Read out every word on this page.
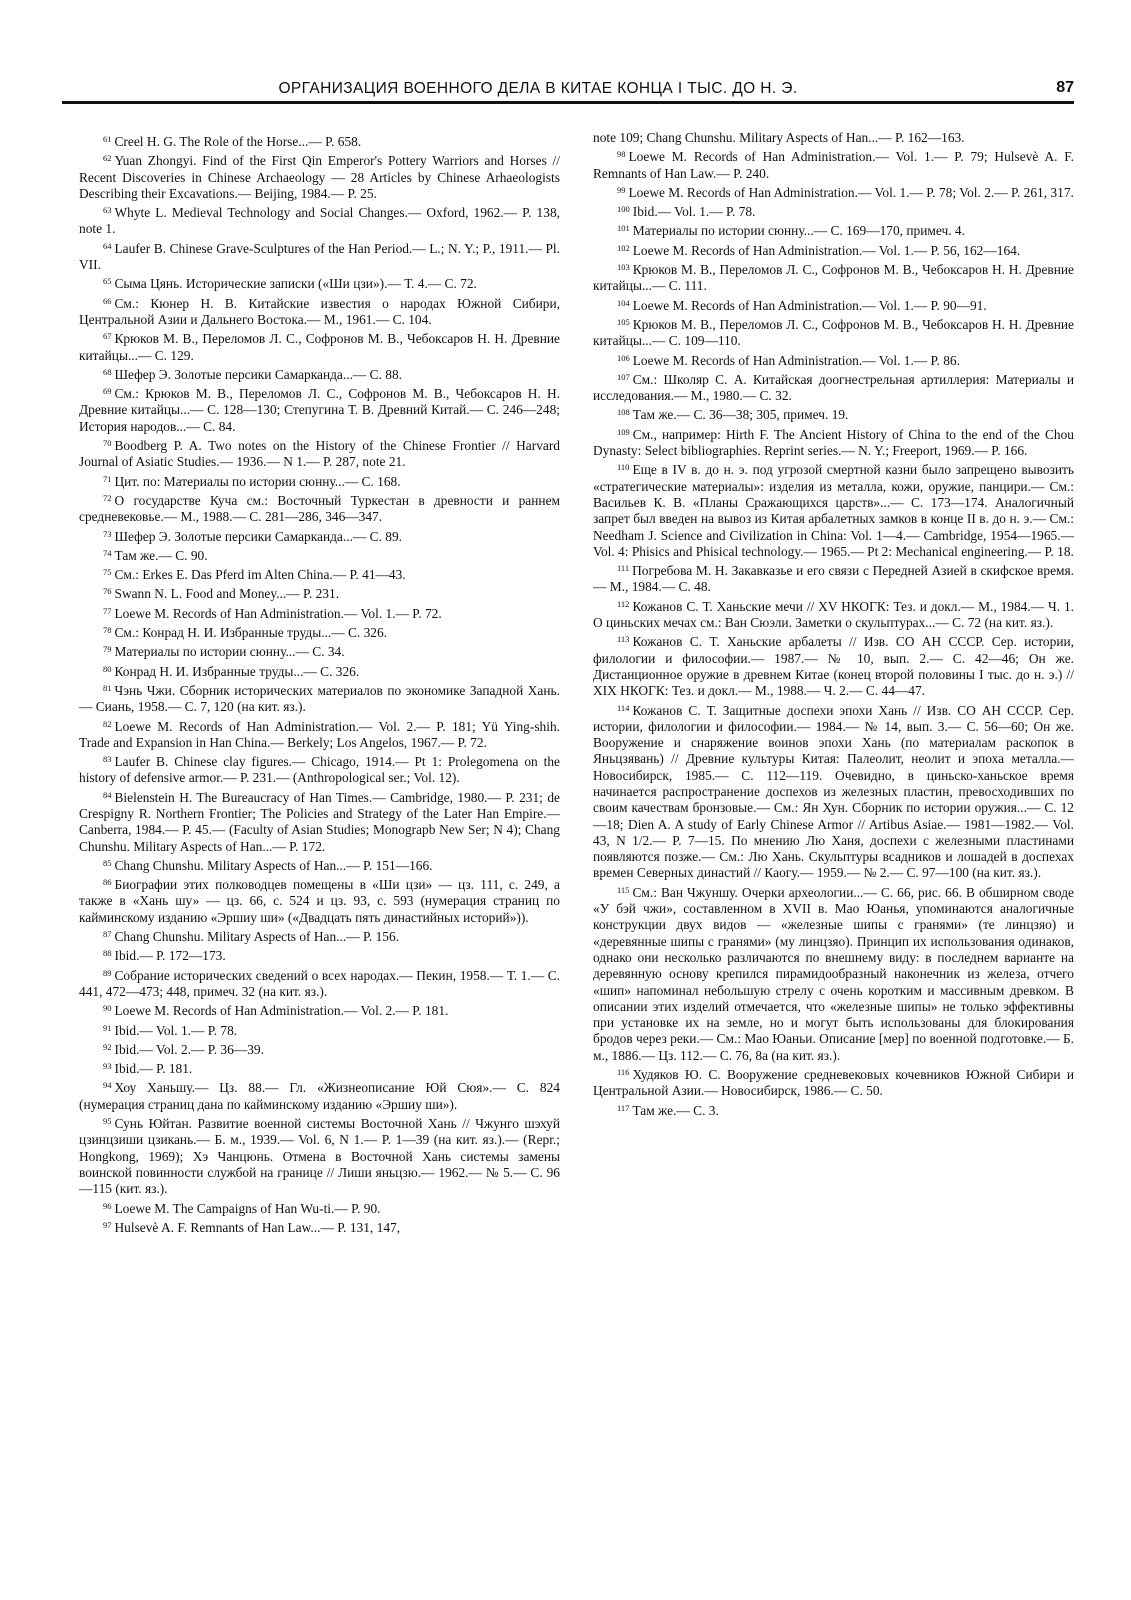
ОРГАНИЗАЦИЯ ВОЕННОГО ДЕЛА В КИТАЕ КОНЦА I ТЫС. ДО Н. Э.	87

$^{61}$ Creel H. G. The Role of the Horse...— P. 658.

$^{62}$ Yuan Zhongyi. Find of the First Qin Emperor's Pottery Warriors and Horses // Recent Discoveries in Chinese Archaeology — 28 Articles by Chinese Arhaeologists Describing their Excavations.— Beijing, 1984.— P. 25.

$^{63}$ Whyte L. Medieval Technology and Social Changes.— Oxford, 1962.— P. 138, note 1.

$^{64}$ Laufer B. Chinese Grave-Sculptures of the Han Period.— L.; N. Y.; P., 1911.— Pl. VII.

$^{65}$ Сыма Цянь. Исторические записки («Ши цзи»).— Т. 4.— С. 72.

$^{66}$ См.: Кюнер Н. В. Китайские известия о народах Южной Сибири, Центральной Азии и Дальнего Востока.— М., 1961.— С. 104.

$^{67}$ Крюков М. В., Переломов Л. С., Софронов М. В., Чебоксаров Н. Н. Древние китайцы...— С. 129.

$^{68}$ Шефер Э. Золотые персики Самарканда...— С. 88.

$^{69}$ См.: Крюков М. В., Переломов Л. С., Софронов М. В., Чебоксаров Н. Н. Древние китайцы...— С. 128—130; Степугина Т. В. Древний Китай.— С. 246—248; История народов...— С. 84.

$^{70}$ Boodberg P. A. Two notes on the History of the Chinese Frontier // Harvard Journal of Asiatic Studies.— 1936.— N 1.— P. 287, note 21.

$^{71}$ Цит. по: Материалы по истории сюнну...— С. 168.

$^{72}$ О государстве Куча см.: Восточный Туркестан в древности и раннем средневековье.— М., 1988.— С. 281—286, 346—347.

$^{73}$ Шефер Э. Золотые персики Самарканда...— С. 89.

$^{74}$ Там же.— С. 90.

$^{75}$ См.: Erkes E. Das Pferd im Alten China.— P. 41—43.

$^{76}$ Swann N. L. Food and Money...— P. 231.

$^{77}$ Loewe M. Records of Han Administration.— Vol. 1.— P. 72.

$^{78}$ См.: Конрад Н. И. Избранные труды...— С. 326.

$^{79}$ Материалы по истории сюнну...— С. 34.

$^{80}$ Конрад Н. И. Избранные труды...— С. 326.

$^{81}$ Чэнь Чжи. Сборник исторических материалов по экономике Западной Хань.— Сиань, 1958.— С. 7, 120 (на кит. яз.).

$^{82}$ Loewe M. Records of Han Administration.— Vol. 2.— P. 181; Yü Ying-shih. Trade and Expansion in Han China.— Berkely; Los Angelos, 1967.— P. 72.

$^{83}$ Laufer B. Chinese clay figures.— Chicago, 1914.— Pt 1: Prolegomena on the history of defensive armor.— P. 231.— (Anthropological ser.; Vol. 12).

$^{84}$ Bielenstein H. The Bureaucracy of Han Times.— Cambridge, 1980.— P. 231; de Crespigny R. Northern Frontier; The Policies and Strategy of the Later Han Empire.— Canberra, 1984.— P. 45.— (Faculty of Asian Studies; Monograpb New Ser; N 4); Chang Chunshu. Military Aspects of Han...— P. 172.

$^{85}$ Chang Chunshu. Military Aspects of Han...— P. 151—166.

$^{86}$ Биографии этих полководцев помещены в «Ши цзи» — цз. 111, с. 249, а также в «Хань шу» — цз. 66, с. 524 и цз. 93, с. 593 (нумерация страниц по кайминскому изданию «Эршиу ши» («Двадцать пять династийных историй»)).

$^{87}$ Chang Chunshu. Military Aspects of Han...— P. 156.

$^{88}$ Ibid.— P. 172—173.

$^{89}$ Собрание исторических сведений о всех народах.— Пекин, 1958.— Т. 1.— С. 441, 472—473; 448, примеч. 32 (на кит. яз.).

$^{90}$ Loewe M. Records of Han Administration.— Vol. 2.— P. 181.

$^{91}$ Ibid.— Vol. 1.— P. 78.

$^{92}$ Ibid.— Vol. 2.— P. 36—39.

$^{93}$ Ibid.— P. 181.

$^{94}$ Хоу Ханьшу.— Цз. 88.— Гл. «Жизнеописание Юй Сюя».— С. 824 (нумерация страниц дана по кайминскому изданию «Эршиу ши»).

$^{95}$ Сунь Юйтан. Развитие военной системы Восточной Хань // Чжунго шэхуй цзинцзиши цзикань.— Б. м., 1939.— Vol. 6, N 1.— P. 1—39 (на кит. яз.).— (Repr.; Hongkong, 1969); Хэ Чанцюнь. Отмена в Восточной Хань системы замены воинской повинности службой на границе // Лиши яньцзю.— 1962.— № 5.— С. 96—115 (кит. яз.).

$^{96}$ Loewe M. The Campaigns of Han Wu-ti.— P. 90.

$^{97}$ Hulsevè A. F. Remnants of Han Law...— P. 131, 147,

note 109; Chang Chunshu. Military Aspects of Han...— P. 162—163.

$^{98}$ Loewe M. Records of Han Administration.— Vol. 1.— P. 79; Hulsevè A. F. Remnants of Han Law.— P. 240.

$^{99}$ Loewe M. Records of Han Administration.— Vol. 1.— P. 78; Vol. 2.— P. 261, 317.

$^{100}$ Ibid.— Vol. 1.— P. 78.

$^{101}$ Материалы по истории сюнну...— С. 169—170, примеч. 4.

$^{102}$ Loewe M. Records of Han Administration.— Vol. 1.— P. 56, 162—164.

$^{103}$ Крюков М. В., Переломов Л. С., Софронов М. В., Чебоксаров Н. Н. Древние китайцы...— С. 111.

$^{104}$ Loewe M. Records of Han Administration.— Vol. 1.— P. 90—91.

$^{105}$ Крюков М. В., Переломов Л. С., Софронов М. В., Чебоксаров Н. Н. Древние китайцы...— С. 109—110.

$^{106}$ Loewe M. Records of Han Administration.— Vol. 1.— P. 86.

$^{107}$ См.: Школяр С. А. Китайская доогнестрельная артиллерия: Материалы и исследования.— М., 1980.— С. 32.

$^{108}$ Там же.— С. 36—38; 305, примеч. 19.

$^{109}$ См., например: Hirth F. The Ancient History of China to the end of the Chou Dynasty: Select bibliographies. Reprint series.— N. Y.; Freeport, 1969.— P. 166.

$^{110}$ Еще в IV в. до н. э. под угрозой смертной казни было запрещено вывозить «стратегические материалы»: изделия из металла, кожи, оружие, панцири.— См.: Васильев К. В. «Планы Сражающихся царств»...— С. 173—174. Аналогичный запрет был введен на вывоз из Китая арбалетных замков в конце II в. до н. э.— См.: Needham J. Science and Civilization in China: Vol. 1—4.— Cambridge, 1954—1965.— Vol. 4: Phisics and Phisical technology.— 1965.— Pt 2: Mechanical engineering.— P. 18.

$^{111}$ Погребова М. Н. Закавказье и его связи с Передней Азией в скифское время.— М., 1984.— С. 48.

$^{112}$ Кожанов С. Т. Ханьские мечи // XV НКОГК: Тез. и докл.— М., 1984.— Ч. 1. О циньских мечах см.: Ван Сюэли. Заметки о скульптурах...— С. 72 (на кит. яз.).

$^{113}$ Кожанов С. Т. Ханьские арбалеты // Изв. СО АН СССР. Сер. истории, филологии и философии.— 1987.— № 10, вып. 2.— С. 42—46; Он же. Дистанционное оружие в древнем Китае (конец второй половины I тыс. до н. э.) // XIX НКОГК: Тез. и докл.— М., 1988.— Ч. 2.— С. 44—47.

$^{114}$ Кожанов С. Т. Защитные доспехи эпохи Хань // Изв. СО АН СССР. Сер. истории, филологии и философии.— 1984.— № 14, вып. 3.— С. 56—60; Он же. Вооружение и снаряжение воинов эпохи Хань (по материалам раскопок в Яньцзявань) // Древние культуры Китая: Палеолит, неолит и эпоха металла.— Новосибирск, 1985.— С. 112—119. Очевидно, в циньско-ханьское время начинается распространение доспехов из железных пластин, превосходивших по своим качествам бронзовые.— См.: Ян Хун. Сборник по истории оружия...— С. 12—18; Dien A. A study of Early Chinese Armor // Artibus Asiae.— 1981—1982.— Vol. 43, N 1/2.— P. 7—15. По мнению Лю Ханя, доспехи с железными пластинами появляются позже.— См.: Лю Хань. Скульптуры всадников и лошадей в доспехах времен Северных династий // Каогу.— 1959.— № 2.— С. 97—100 (на кит. яз.).

$^{115}$ См.: Ван Чжуншу. Очерки археологии...— С. 66, рис. 66. В обширном своде «У бэй чжи», составленном в XVII в. Мао Юанья, упоминаются аналогичные конструкции двух видов — «железные шипы с гранями» (те линцзяо) и «деревянные шипы с гранями» (му линцзяо). Принцип их использования одинаков, однако они несколько различаются по внешнему виду: в последнем варианте на деревянную основу крепился пирамидообразный наконечник из железа, отчего «шип» напоминал небольшую стрелу с очень коротким и массивным древком. В описании этих изделий отмечается, что «железные шипы» не только эффективны при установке их на земле, но и могут быть использованы для блокирования бродов через реки.— См.: Мао Юаньи. Описание [мер] по военной подготовке.— Б. м., 1886.— Цз. 112.— С. 76, 8а (на кит. яз.).

$^{116}$ Худяков Ю. С. Вооружение средневековых кочевников Южной Сибири и Центральной Азии.— Новосибирск, 1986.— С. 50.

$^{117}$ Там же.— С. 3.
